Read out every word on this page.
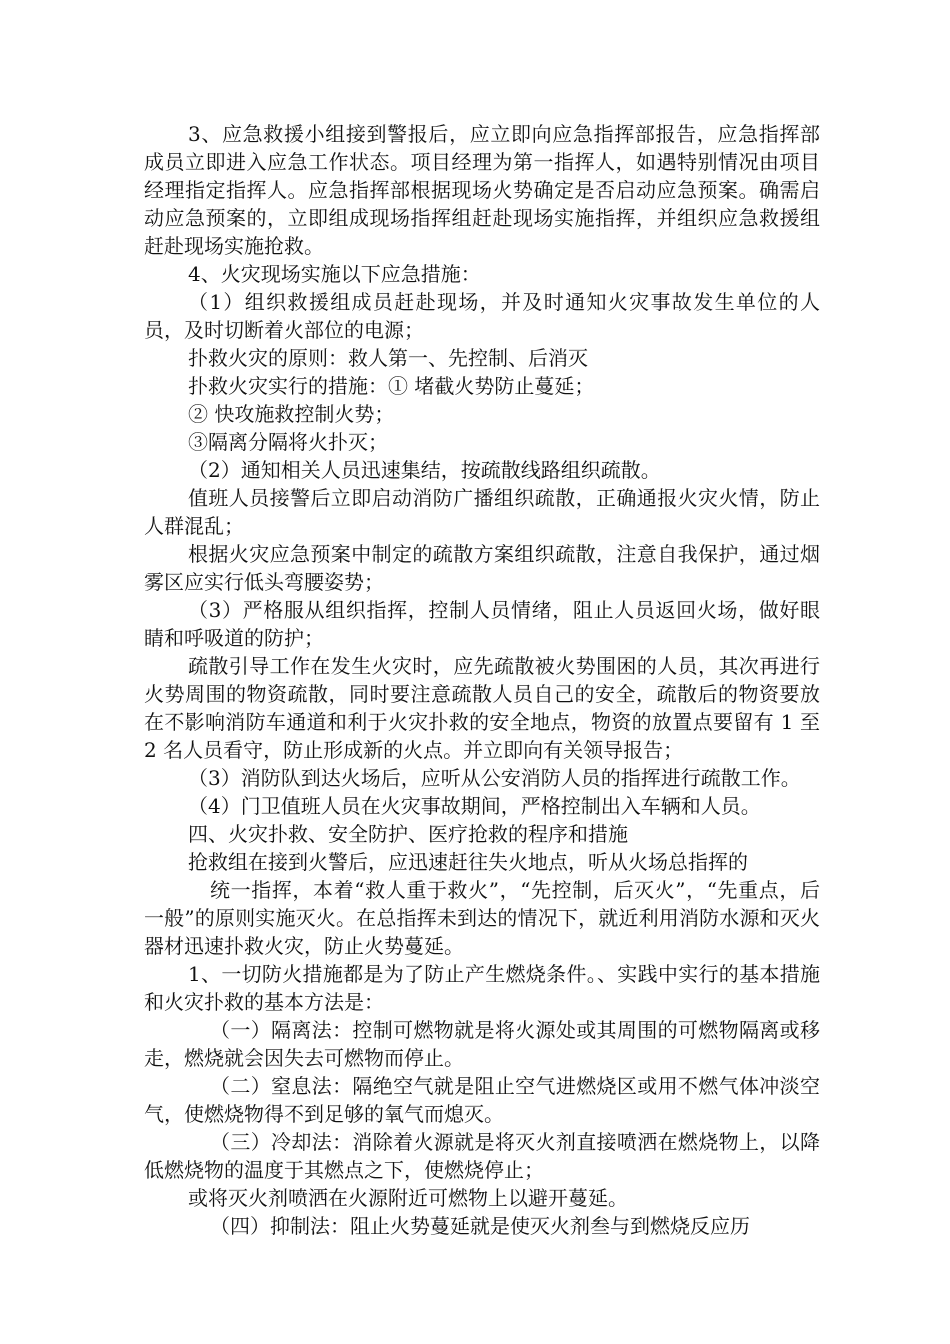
3、应急救援小组接到警报后，应立即向应急指挥部报告，应急指挥部成员立即进入应急工作状态。项目经理为第一指挥人，如遇特别情况由项目经理指定指挥人。应急指挥部根据现场火势确定是否启动应急预案。确需启动应急预案的，立即组成现场指挥组赶赴现场实施指挥，并组织应急救援组赶赴现场实施抢救。

4、火灾现场实施以下应急措施：

（1）组织救援组成员赶赴现场，并及时通知火灾事故发生单位的人员，及时切断着火部位的电源；

扑救火灾的原则：救人第一、先控制、后消灭

扑救火灾实行的措施：① 堵截火势防止蔓延；

② 快攻施救控制火势；

③隔离分隔将火扑灭；

（2）通知相关人员迅速集结，按疏散线路组织疏散。

值班人员接警后立即启动消防广播组织疏散，正确通报火灾火情，防止人群混乱；

根据火灾应急预案中制定的疏散方案组织疏散，注意自我保护，通过烟雾区应实行低头弯腰姿势；

（3）严格服从组织指挥，控制人员情绪，阻止人员返回火场，做好眼睛和呼吸道的防护；

疏散引导工作在发生火灾时，应先疏散被火势围困的人员，其次再进行火势周围的物资疏散，同时要注意疏散人员自己的安全，疏散后的物资要放在不影响消防车通道和利于火灾扑救的安全地点，物资的放置点要留有 1 至 2 名人员看守，防止形成新的火点。并立即向有关领导报告；

（3）消防队到达火场后，应听从公安消防人员的指挥进行疏散工作。

（4）门卫值班人员在火灾事故期间，严格控制出入车辆和人员。

四、火灾扑救、安全防护、医疗抢救的程序和措施

抢救组在接到火警后，应迅速赶往失火地点，听从火场总指挥的

统一指挥，本着“救人重于救火”，“先控制，后灭火”，“先重点，后一般”的原则实施灭火。在总指挥未到达的情况下，就近利用消防水源和灭火器材迅速扑救火灾，防止火势蔓延。

1、一切防火措施都是为了防止产生燃烧条件。、实践中实行的基本措施和火灾扑救的基本方法是：

（一）隔离法：控制可燃物就是将火源处或其周围的可燃物隔离或移走，燃烧就会因失去可燃物而停止。

（二）窒息法：隔绝空气就是阻止空气进燃烧区或用不燃气体冲淡空气，使燃烧物得不到足够的氧气而熄灭。

（三）冷却法：消除着火源就是将灭火剂直接喷洒在燃烧物上，以降低燃烧物的温度于其燃点之下，使燃烧停止；

或将灭火剂喷洒在火源附近可燃物上以避开蔓延。

（四）抑制法：阻止火势蔓延就是使灭火剂叁与到燃烧反应历
